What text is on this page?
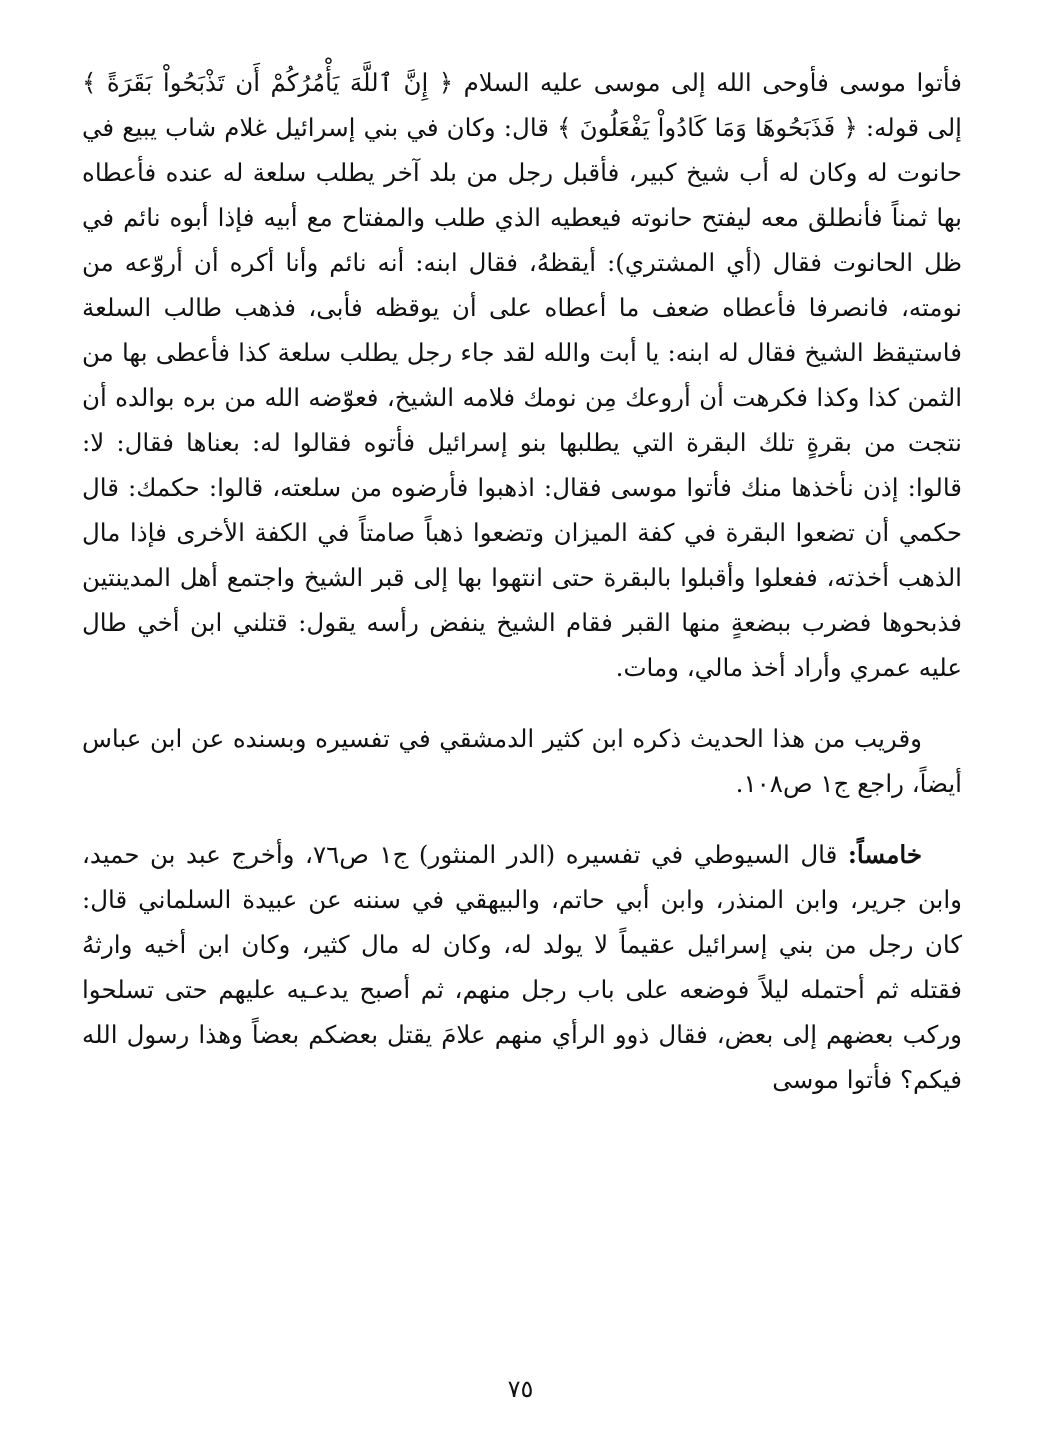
فأتوا موسى فأوحى الله إلى موسى عليه السلام ﴿ إِنَّ ٱللَّهَ يَأْمُرُكُمْ أَن تَذْبَحُواْ بَقَرَةً ﴾ إلى قوله: ﴿ فَذَبَحُوهَا وَمَا كَادُواْ يَفْعَلُونَ ﴾ قال: وكان في بني إسرائيل غلام شاب يبيع في حانوت له وكان له أب شيخ كبير، فأقبل رجل من بلد آخر يطلب سلعة له عنده فأعطاه بها ثمناً فأنطلق معه ليفتح حانوته فيعطيه الذي طلب والمفتاح مع أبيه فإذا أبوه نائم في ظل الحانوت فقال (أي المشتري): أيقظهُ، فقال ابنه: أنه نائم وأنا أكره أن أروّعه من نومته، فانصرفا فأعطاه ضعف ما أعطاه على أن يوقظه فأبى، فذهب طالب السلعة فاستيقظ الشيخ فقال له ابنه: يا أبت والله لقد جاء رجل يطلب سلعة كذا فأعطى بها من الثمن كذا وكذا فكرهت أن أروعك مِن نومك فلامه الشيخ، فعوّضه الله من بره بوالده أن نتجت من بقرةٍ تلك البقرة التي يطلبها بنو إسرائيل فأتوه فقالوا له: بعناها فقال: لا: قالوا: إذن نأخذها منك فأتوا موسى فقال: اذهبوا فأرضوه من سلعته، قالوا: حكمك: قال حكمي أن تضعوا البقرة في كفة الميزان وتضعوا ذهباً صامتاً في الكفة الأخرى فإذا مال الذهب أخذته، ففعلوا وأقبلوا بالبقرة حتى انتهوا بها إلى قبر الشيخ واجتمع أهل المدينتين فذبحوها فضرب ببضعةٍ منها القبر فقام الشيخ ينفض رأسه يقول: قتلني ابن أخي طال عليه عمري وأراد أخذ مالي، ومات.

وقريب من هذا الحديث ذكره ابن كثير الدمشقي في تفسيره وبسنده عن ابن عباس أيضاً، راجع ج١ ص١٠٨.

خامساً: قال السيوطي في تفسيره (الدر المنثور) ج١ ص٧٦، وأخرج عبد بن حميد، وابن جرير، وابن المنذر، وابن أبي حاتم، والبيهقي في سننه عن عبيدة السلماني قال: كان رجل من بني إسرائيل عقيماً لا يولد له، وكان له مال كثير، وكان ابن أخيه وارثهُ فقتله ثم أحتمله ليلاً فوضعه على باب رجل منهم، ثم أصبح يدعـيه عليهم حتى تسلحوا وركب بعضهم إلى بعض، فقال ذوو الرأي منهم علامَ يقتل بعضكم بعضاً وهذا رسول الله فيكم؟ فأتوا موسى

٧٥
